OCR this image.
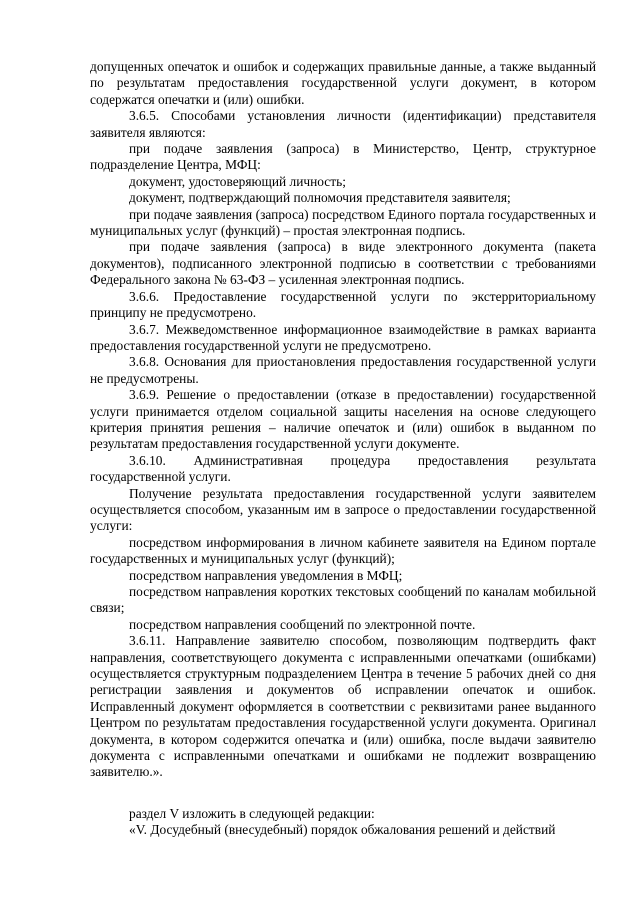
допущенных опечаток и ошибок и содержащих правильные данные, а также выданный по результатам предоставления государственной услуги документ, в котором содержатся опечатки и (или) ошибки.

3.6.5. Способами установления личности (идентификации) представителя заявителя являются:

при подаче заявления (запроса) в Министерство, Центр, структурное подразделение Центра, МФЦ:

документ, удостоверяющий личность;

документ, подтверждающий полномочия представителя заявителя;

при подаче заявления (запроса) посредством Единого портала государственных и муниципальных услуг (функций) – простая электронная подпись.

при подаче заявления (запроса) в виде электронного документа (пакета документов), подписанного электронной подписью в соответствии с требованиями Федерального закона № 63-ФЗ – усиленная электронная подпись.

3.6.6. Предоставление государственной услуги по экстерриториальному принципу не предусмотрено.

3.6.7. Межведомственное информационное взаимодействие в рамках варианта предоставления государственной услуги не предусмотрено.

3.6.8. Основания для приостановления предоставления государственной услуги не предусмотрены.

3.6.9. Решение о предоставлении (отказе в предоставлении) государственной услуги принимается отделом социальной защиты населения на основе следующего критерия принятия решения – наличие опечаток и (или) ошибок в выданном по результатам предоставления государственной услуги документе.

3.6.10. Административная процедура предоставления результата государственной услуги.

Получение результата предоставления государственной услуги заявителем осуществляется способом, указанным им в запросе о предоставлении государственной услуги:

посредством информирования в личном кабинете заявителя на Едином портале государственных и муниципальных услуг (функций);

посредством направления уведомления в МФЦ;

посредством направления коротких текстовых сообщений по каналам мобильной связи;

посредством направления сообщений по электронной почте.

3.6.11. Направление заявителю способом, позволяющим подтвердить факт направления, соответствующего документа с исправленными опечатками (ошибками) осуществляется структурным подразделением Центра в течение 5 рабочих дней со дня регистрации заявления и документов об исправлении опечаток и ошибок. Исправленный документ оформляется в соответствии с реквизитами ранее выданного Центром по результатам предоставления государственной услуги документа. Оригинал документа, в котором содержится опечатка и (или) ошибка, после выдачи заявителю документа с исправленными опечатками и ошибками не подлежит возвращению заявителю.».

раздел V изложить в следующей редакции:

«V. Досудебный (внесудебный) порядок обжалования решений и действий
